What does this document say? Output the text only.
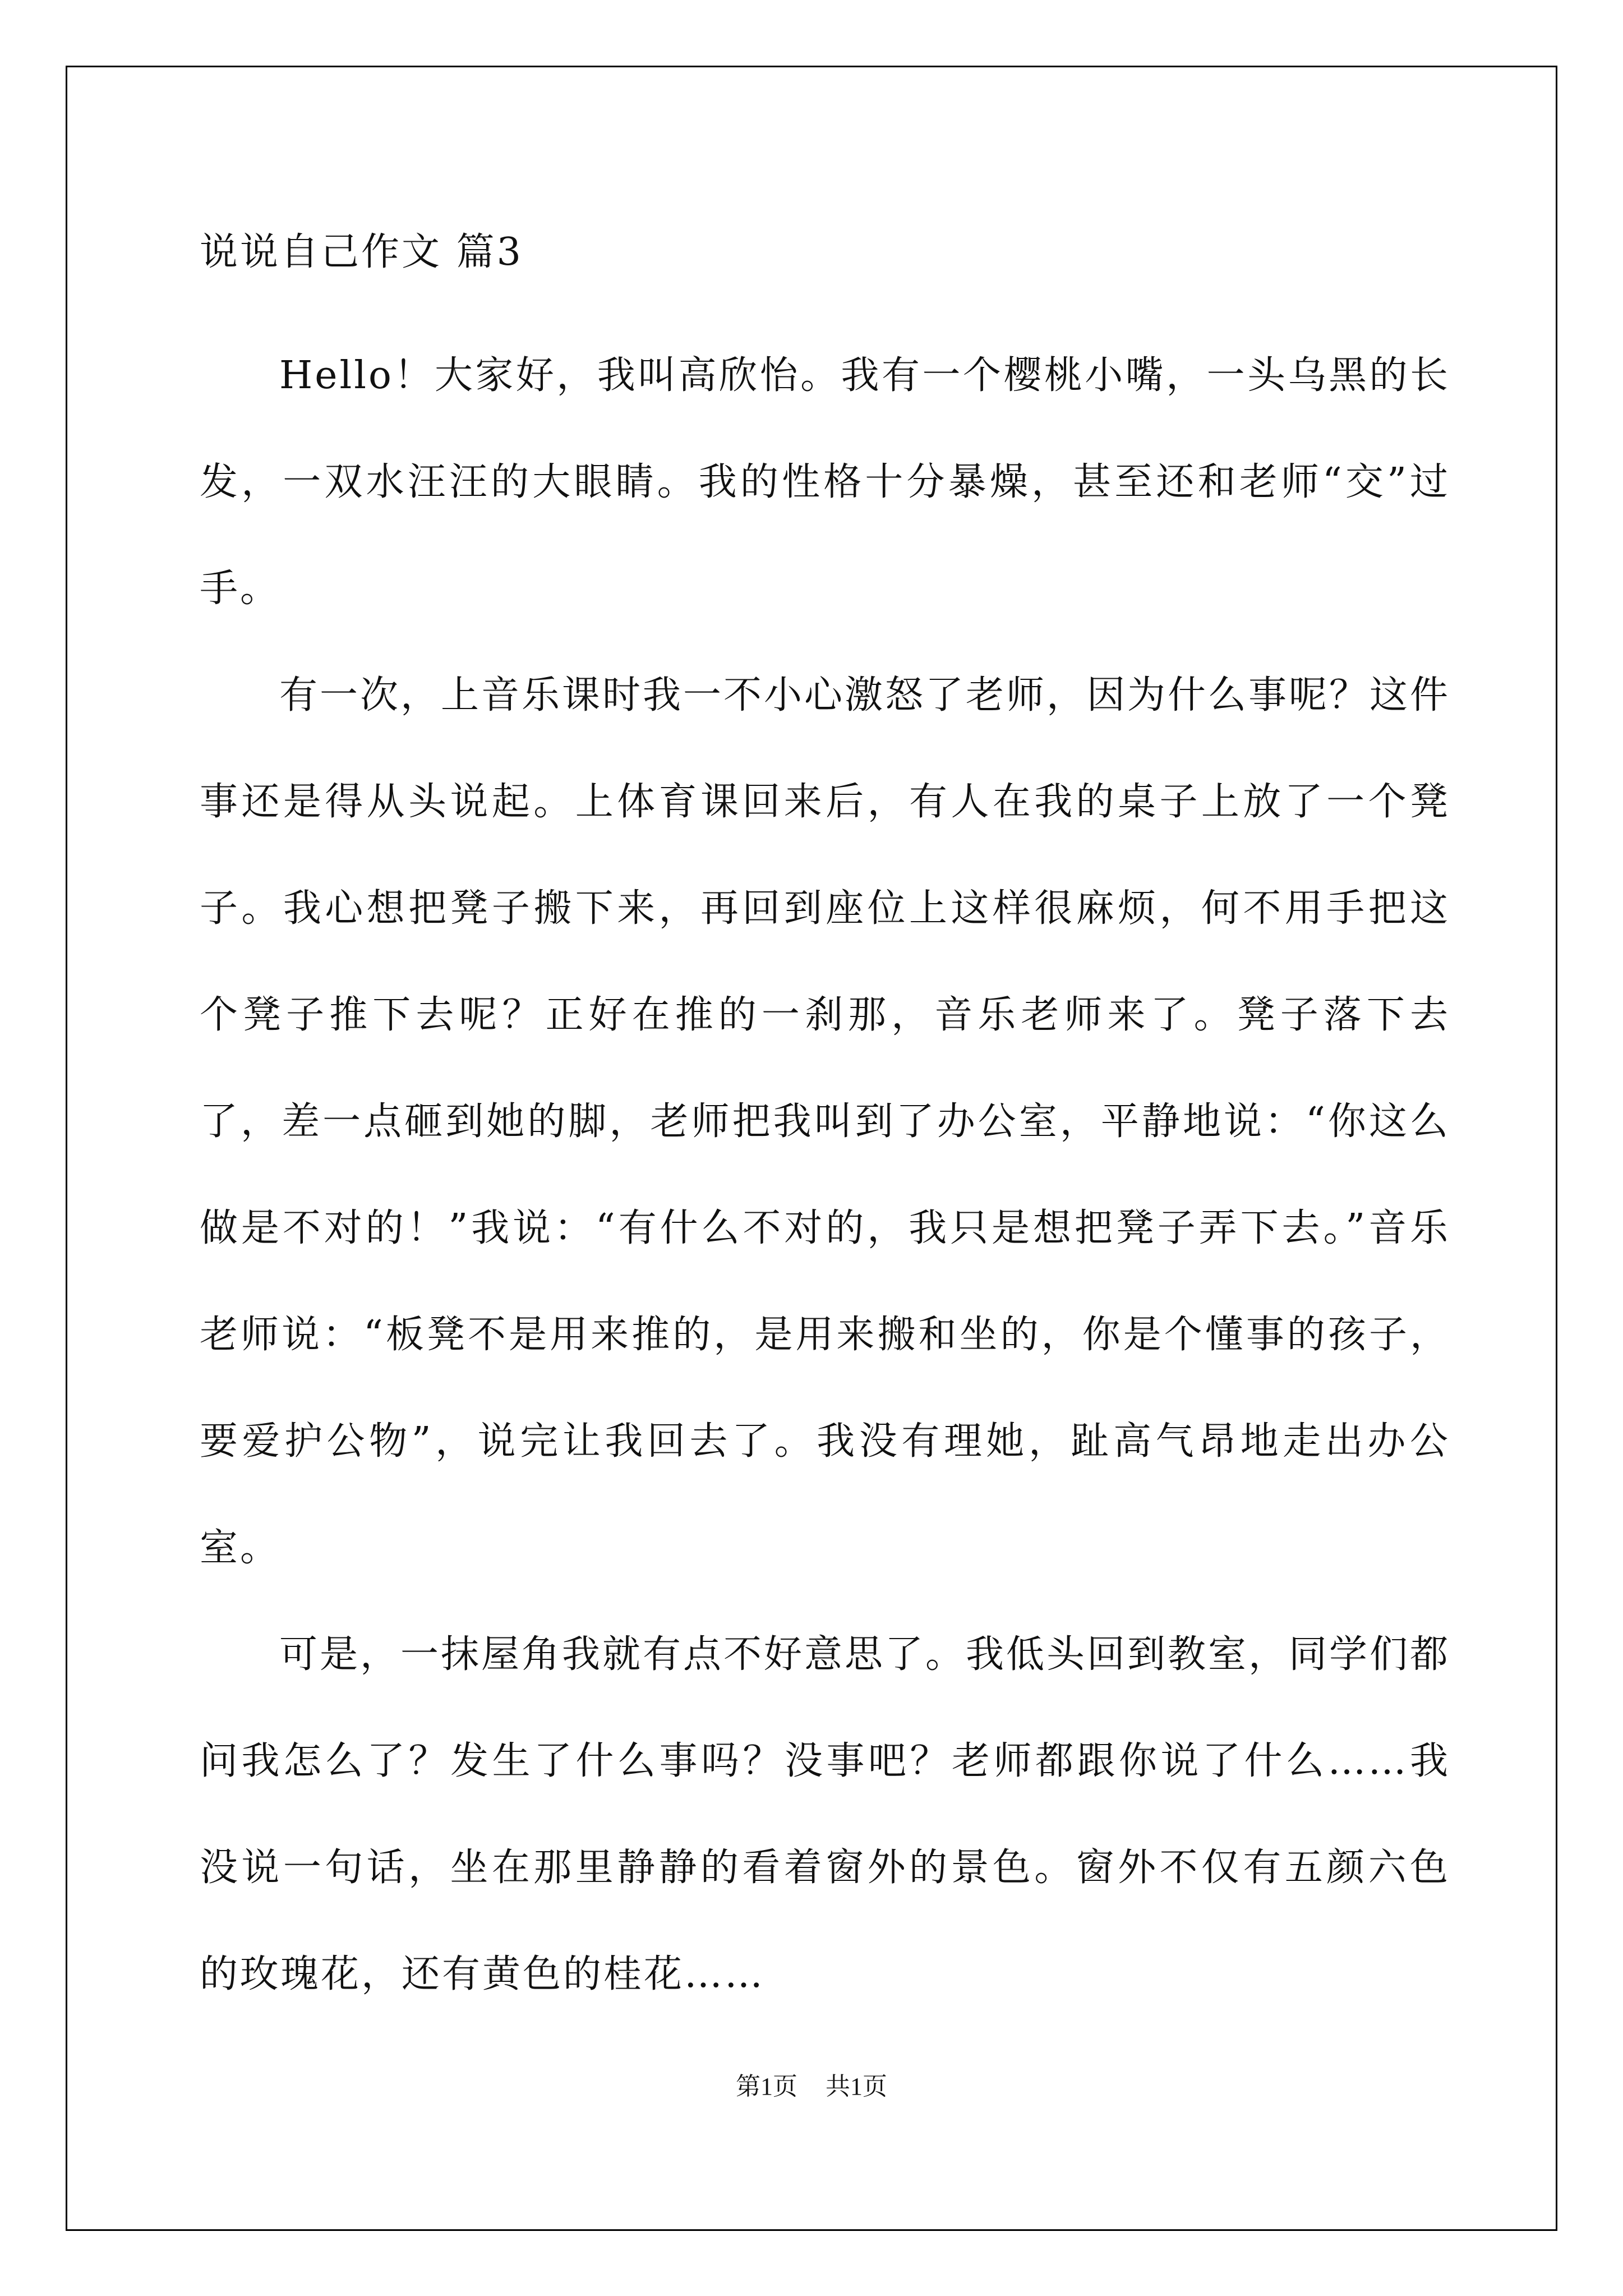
说说自己作文 篇3

Hello！大家好，我叫高欣怡。我有一个樱桃小嘴，一头乌黑的长发，一双水汪汪的大眼睛。我的性格十分暴燥，甚至还和老师“交”过手。

有一次，上音乐课时我一不小心激怒了老师，因为什么事呢？这件事还是得从头说起。上体育课回来后，有人在我的桌子上放了一个凳子。我心想把凳子搬下来，再回到座位上这样很麻烦，何不用手把这个凳子推下去呢？正好在推的一刹那，音乐老师来了。凳子落下去了，差一点砸到她的脚，老师把我叫到了办公室，平静地说：“你这么做是不对的！”我说：“有什么不对的，我只是想把凳子弄下去。”音乐老师说：“板凳不是用来推的，是用来搬和坐的，你是个懂事的孩子，要爱护公物”，说完让我回去了。我没有理她，趾高气昂地走出办公室。

可是，一抹屋角我就有点不好意思了。我低头回到教室，同学们都问我怎么了？发生了什么事吗？没事吧？老师都跟你说了什么……我没说一句话，坐在那里静静的看着窗外的景色。窗外不仅有五颜六色的玫瑰花，还有黄色的桂花……

第1页 共1页
